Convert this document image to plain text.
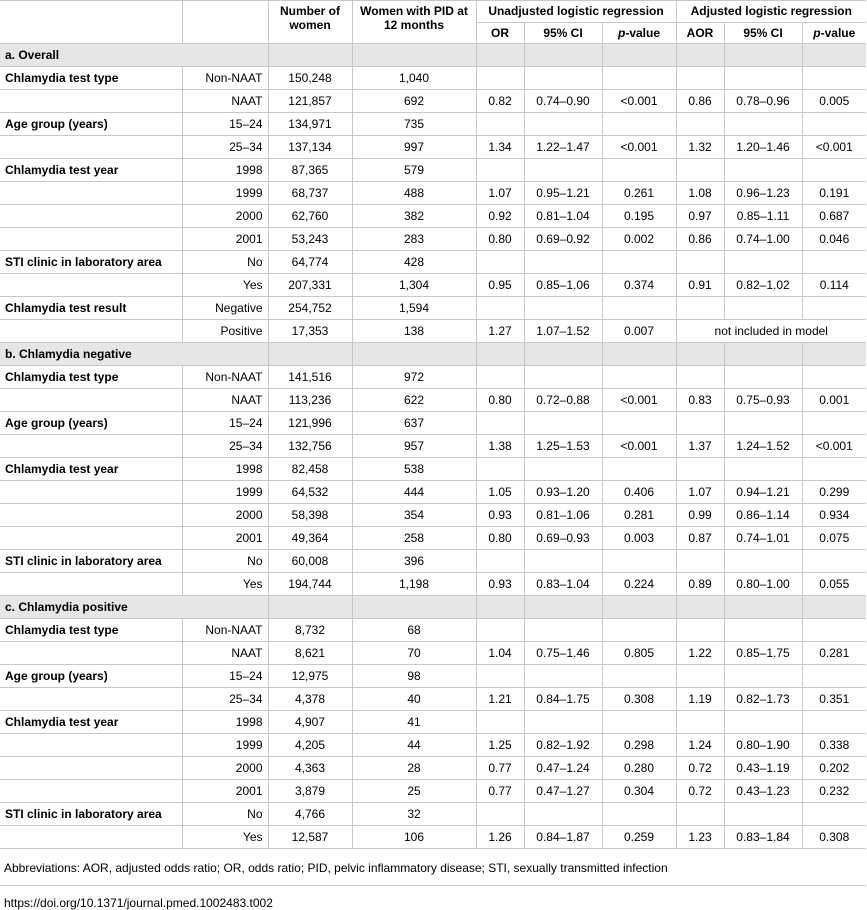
		Number of women	Women with PID at 12 months	Unadjusted logistic regression			Adjusted logistic regression		
				OR	95% CI	p-value	AOR	95% CI	p-value
a. Overall									
Chlamydia test type	Non-NAAT	150,248	1,040						
	NAAT	121,857	692	0.82	0.74–0.90	<0.001	0.86	0.78–0.96	0.005
Age group (years)	15–24	134,971	735						
	25–34	137,134	997	1.34	1.22–1.47	<0.001	1.32	1.20–1.46	<0.001
Chlamydia test year	1998	87,365	579						
	1999	68,737	488	1.07	0.95–1.21	0.261	1.08	0.96–1.23	0.191
	2000	62,760	382	0.92	0.81–1.04	0.195	0.97	0.85–1.11	0.687
	2001	53,243	283	0.80	0.69–0.92	0.002	0.86	0.74–1.00	0.046
STI clinic in laboratory area	No	64,774	428						
	Yes	207,331	1,304	0.95	0.85–1.06	0.374	0.91	0.82–1.02	0.114
Chlamydia test result	Negative	254,752	1,594						
	Positive	17,353	138	1.27	1.07–1.52	0.007	not included in model		
b. Chlamydia negative									
Chlamydia test type	Non-NAAT	141,516	972						
	NAAT	113,236	622	0.80	0.72–0.88	<0.001	0.83	0.75–0.93	0.001
Age group (years)	15–24	121,996	637						
	25–34	132,756	957	1.38	1.25–1.53	<0.001	1.37	1.24–1.52	<0.001
Chlamydia test year	1998	82,458	538						
	1999	64,532	444	1.05	0.93–1.20	0.406	1.07	0.94–1.21	0.299
	2000	58,398	354	0.93	0.81–1.06	0.281	0.99	0.86–1.14	0.934
	2001	49,364	258	0.80	0.69–0.93	0.003	0.87	0.74–1.01	0.075
STI clinic in laboratory area	No	60,008	396						
	Yes	194,744	1,198	0.93	0.83–1.04	0.224	0.89	0.80–1.00	0.055
c. Chlamydia positive									
Chlamydia test type	Non-NAAT	8,732	68						
	NAAT	8,621	70	1.04	0.75–1.46	0.805	1.22	0.85–1.75	0.281
Age group (years)	15–24	12,975	98						
	25–34	4,378	40	1.21	0.84–1.75	0.308	1.19	0.82–1.73	0.351
Chlamydia test year	1998	4,907	41						
	1999	4,205	44	1.25	0.82–1.92	0.298	1.24	0.80–1.90	0.338
	2000	4,363	28	0.77	0.47–1.24	0.280	0.72	0.43–1.19	0.202
	2001	3,879	25	0.77	0.47–1.27	0.304	0.72	0.43–1.23	0.232
STI clinic in laboratory area	No	4,766	32						
	Yes	12,587	106	1.26	0.84–1.87	0.259	1.23	0.83–1.84	0.308
Abbreviations: AOR, adjusted odds ratio; OR, odds ratio; PID, pelvic inflammatory disease; STI, sexually transmitted infection
https://doi.org/10.1371/journal.pmed.1002483.t002
